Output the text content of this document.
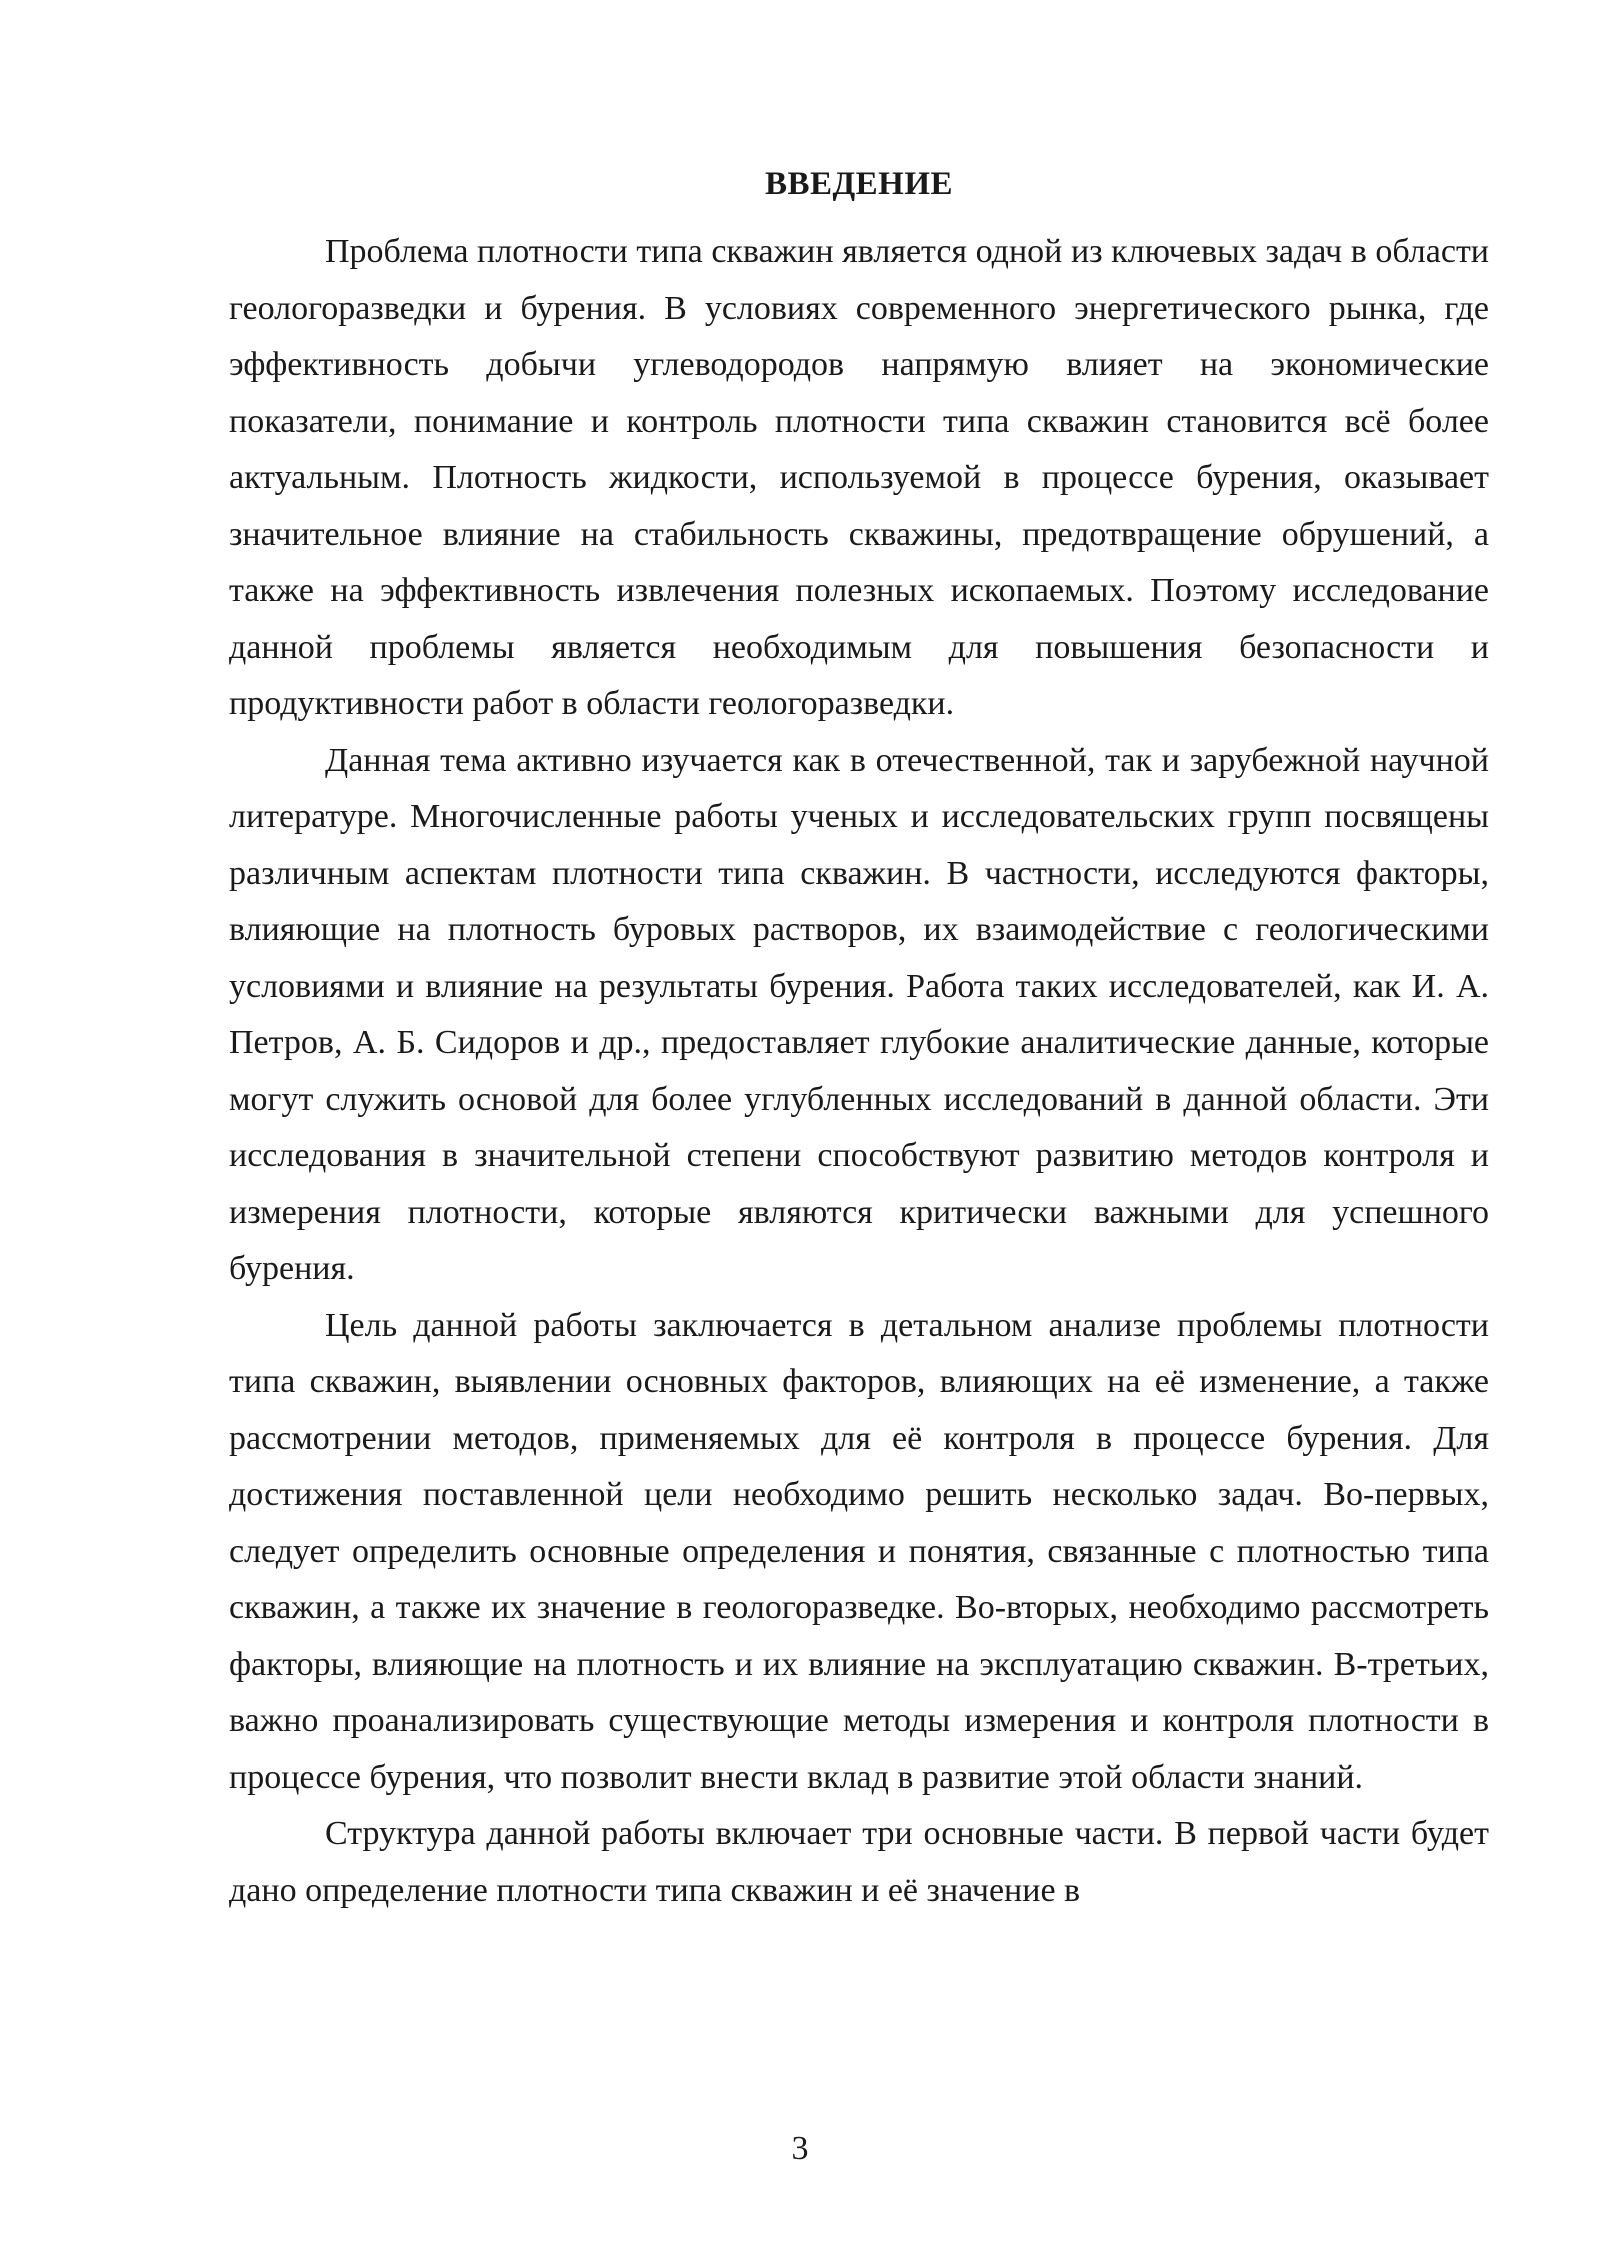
ВВЕДЕНИЕ

Проблема плотности типа скважин является одной из ключевых задач в области геологоразведки и бурения. В условиях современного энергетического рынка, где эффективность добычи углеводородов напрямую влияет на экономические показатели, понимание и контроль плотности типа скважин становится всё более актуальным. Плотность жидкости, используемой в процессе бурения, оказывает значительное влияние на стабильность скважины, предотвращение обрушений, а также на эффективность извлечения полезных ископаемых. Поэтому исследование данной проблемы является необходимым для повышения безопасности и продуктивности работ в области геологоразведки.

Данная тема активно изучается как в отечественной, так и зарубежной научной литературе. Многочисленные работы ученых и исследовательских групп посвящены различным аспектам плотности типа скважин. В частности, исследуются факторы, влияющие на плотность буровых растворов, их взаимодействие с геологическими условиями и влияние на результаты бурения. Работа таких исследователей, как И. А. Петров, А. Б. Сидоров и др., предоставляет глубокие аналитические данные, которые могут служить основой для более углубленных исследований в данной области. Эти исследования в значительной степени способствуют развитию методов контроля и измерения плотности, которые являются критически важными для успешного бурения.

Цель данной работы заключается в детальном анализе проблемы плотности типа скважин, выявлении основных факторов, влияющих на её изменение, а также рассмотрении методов, применяемых для её контроля в процессе бурения. Для достижения поставленной цели необходимо решить несколько задач. Во-первых, следует определить основные определения и понятия, связанные с плотностью типа скважин, а также их значение в геологоразведке. Во-вторых, необходимо рассмотреть факторы, влияющие на плотность и их влияние на эксплуатацию скважин. В-третьих, важно проанализировать существующие методы измерения и контроля плотности в процессе бурения, что позволит внести вклад в развитие этой области знаний.

Структура данной работы включает три основные части. В первой части будет дано определение плотности типа скважин и её значение в

3
